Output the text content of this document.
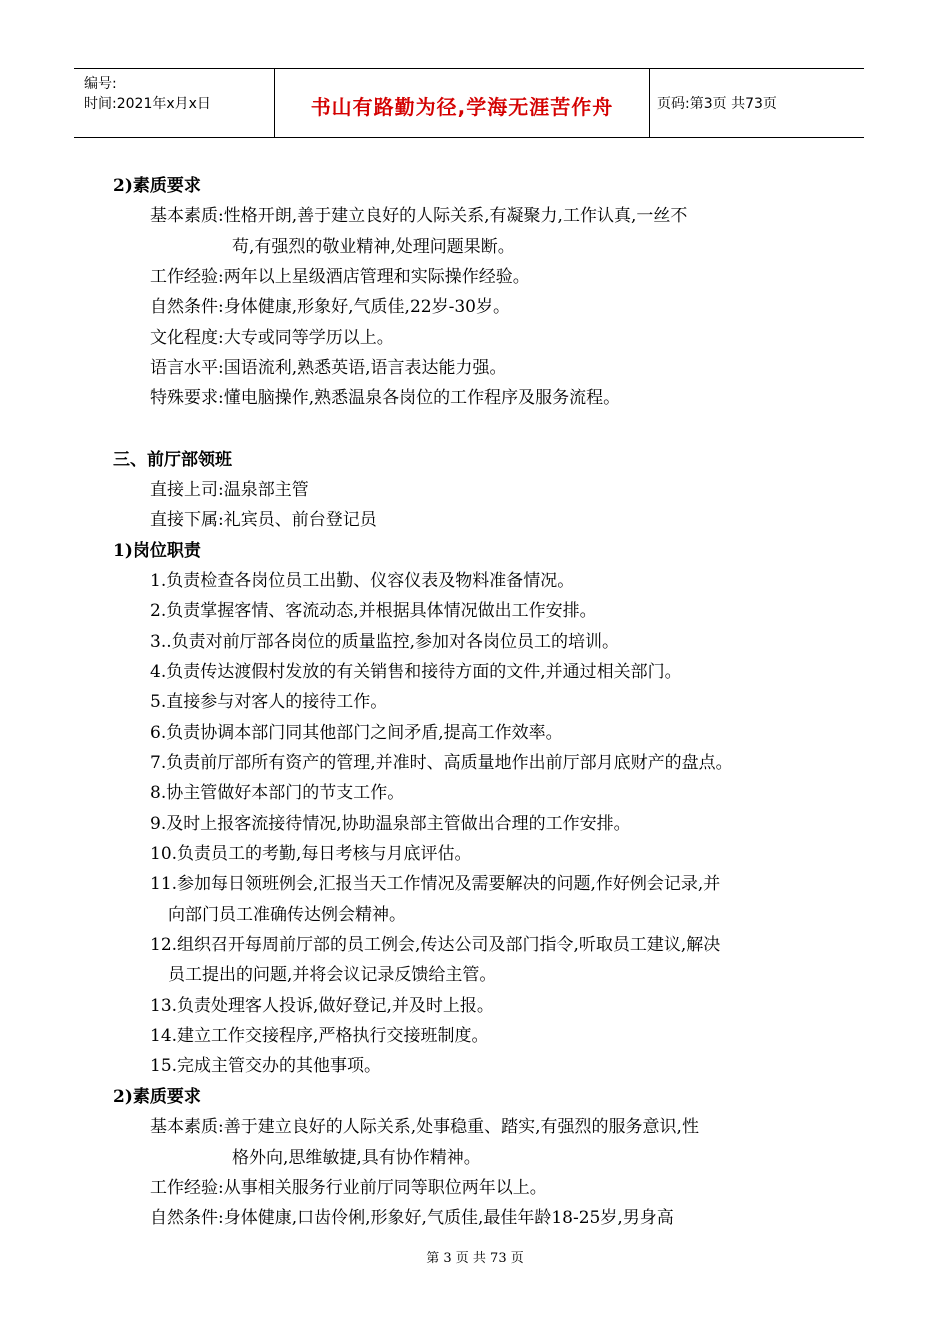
编号:
时间:2021年x月x日	书山有路勤为径,学海无涯苦作舟	页码:第3页 共73页
2)素质要求
基本素质:性格开朗,善于建立良好的人际关系,有凝聚力,工作认真,一丝不
苟,有强烈的敬业精神,处理问题果断。
工作经验:两年以上星级酒店管理和实际操作经验。
自然条件:身体健康,形象好,气质佳,22岁-30岁。
文化程度:大专或同等学历以上。
语言水平:国语流利,熟悉英语,语言表达能力强。
特殊要求:懂电脑操作,熟悉温泉各岗位的工作程序及服务流程。
三、前厅部领班
直接上司:温泉部主管
直接下属:礼宾员、前台登记员
1)岗位职责
1.负责检查各岗位员工出勤、仪容仪表及物料准备情况。
2.负责掌握客情、客流动态,并根据具体情况做出工作安排。
3..负责对前厅部各岗位的质量监控,参加对各岗位员工的培训。
4.负责传达渡假村发放的有关销售和接待方面的文件,并通过相关部门。
5.直接参与对客人的接待工作。
6.负责协调本部门同其他部门之间矛盾,提高工作效率。
7.负责前厅部所有资产的管理,并准时、高质量地作出前厅部月底财产的盘点。
8.协主管做好本部门的节支工作。
9.及时上报客流接待情况,协助温泉部主管做出合理的工作安排。
10.负责员工的考勤,每日考核与月底评估。
11.参加每日领班例会,汇报当天工作情况及需要解决的问题,作好例会记录,并
向部门员工准确传达例会精神。
12.组织召开每周前厅部的员工例会,传达公司及部门指令,听取员工建议,解决
员工提出的问题,并将会议记录反馈给主管。
13.负责处理客人投诉,做好登记,并及时上报。
14.建立工作交接程序,严格执行交接班制度。
15.完成主管交办的其他事项。
2)素质要求
基本素质:善于建立良好的人际关系,处事稳重、踏实,有强烈的服务意识,性
格外向,思维敏捷,具有协作精神。
工作经验:从事相关服务行业前厅同等职位两年以上。
自然条件:身体健康,口齿伶俐,形象好,气质佳,最佳年龄18-25岁,男身高
第 3 页 共 73 页
